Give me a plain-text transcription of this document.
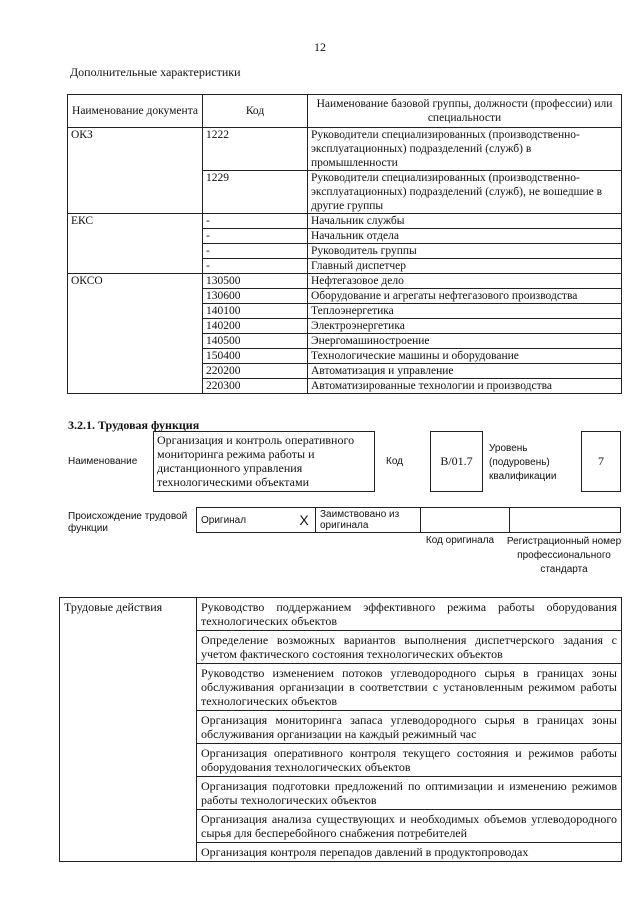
12
Дополнительные характеристики
Наименование документа	Код	Наименование базовой группы, должности (профессии) или специальности
ОКЗ	1222	Руководители специализированных (производственно-эксплуатационных) подразделений (служб) в промышленности
	1229	Руководители специализированных (производственно-эксплуатационных) подразделений (служб), не вошедшие в другие группы
ЕКС	-	Начальник службы
	-	Начальник отдела
	-	Руководитель группы
	-	Главный диспетчер
ОКСО	130500	Нефтегазовое дело
	130600	Оборудование и агрегаты нефтегазового производства
	140100	Теплоэнергетика
	140200	Электроэнергетика
	140500	Энергомашиностроение
	150400	Технологические машины и оборудование
	220200	Автоматизация и управление
	220300	Автоматизированные технологии и производства
3.2.1. Трудовая функция
Наименование
Организация и контроль оперативного мониторинга режима работы и дистанционного управления технологическими объектами
Код	B/01.7
Уровень (подуровень) квалификации
7
Происхождение трудовой функции
Оригинал	X	Заимствовано из оригинала		
Код оригинала	Регистрационный номер профессионального стандарта
Трудовые действия	Руководство поддержанием эффективного режима работы оборудования технологических объектов
Определение возможных вариантов выполнения диспетчерского задания с учетом фактического состояния технологических объектов
Руководство изменением потоков углеводородного сырья в границах зоны обслуживания организации в соответствии с установленным режимом работы технологических объектов
Организация мониторинга запаса углеводородного сырья в границах зоны обслуживания организации на каждый режимный час
Организация оперативного контроля текущего состояния и режимов работы оборудования технологических объектов
Организация подготовки предложений по оптимизации и изменению режимов работы технологических объектов
Организация анализа существующих и необходимых объемов углеводородного сырья для бесперебойного снабжения потребителей
Организация контроля перепадов давлений в продуктопроводах
